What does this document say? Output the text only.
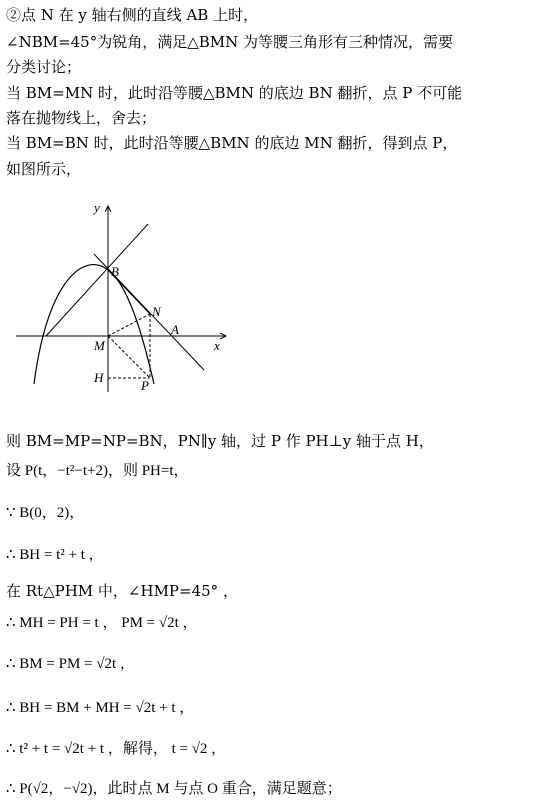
②点 N 在 y 轴右侧的直线 AB 上时，
∠NBM=45°为锐角，满足△BMN 为等腰三角形有三种情况，需要
分类讨论；
当 BM=MN 时，此时沿等腰△BMN 的底边 BN 翻折，点 P 不可能
落在抛物线上，舍去；
当 BM=BN 时，此时沿等腰△BMN 的底边 MN 翻折，得到点 P，
如图所示，
y
x
B
N
A
M
H
P
则 BM=MP=NP=BN，PN∥y 轴，过 P 作 PH⊥y 轴于点 H，
设 P(t，−t²−t+2)，则 PH=t，
∵ B(0，2)，
∴ BH = t² + t ，
在 Rt△PHM 中，∠HMP=45° ，
∴ MH = PH = t ， PM = √2t ，
∴ BM = PM = √2t ，
∴ BH = BM + MH = √2t + t ，
∴ t² + t = √2t + t ，解得， t = √2 ，
∴ P(√2，−√2)，此时点 M 与点 O 重合，满足题意；
